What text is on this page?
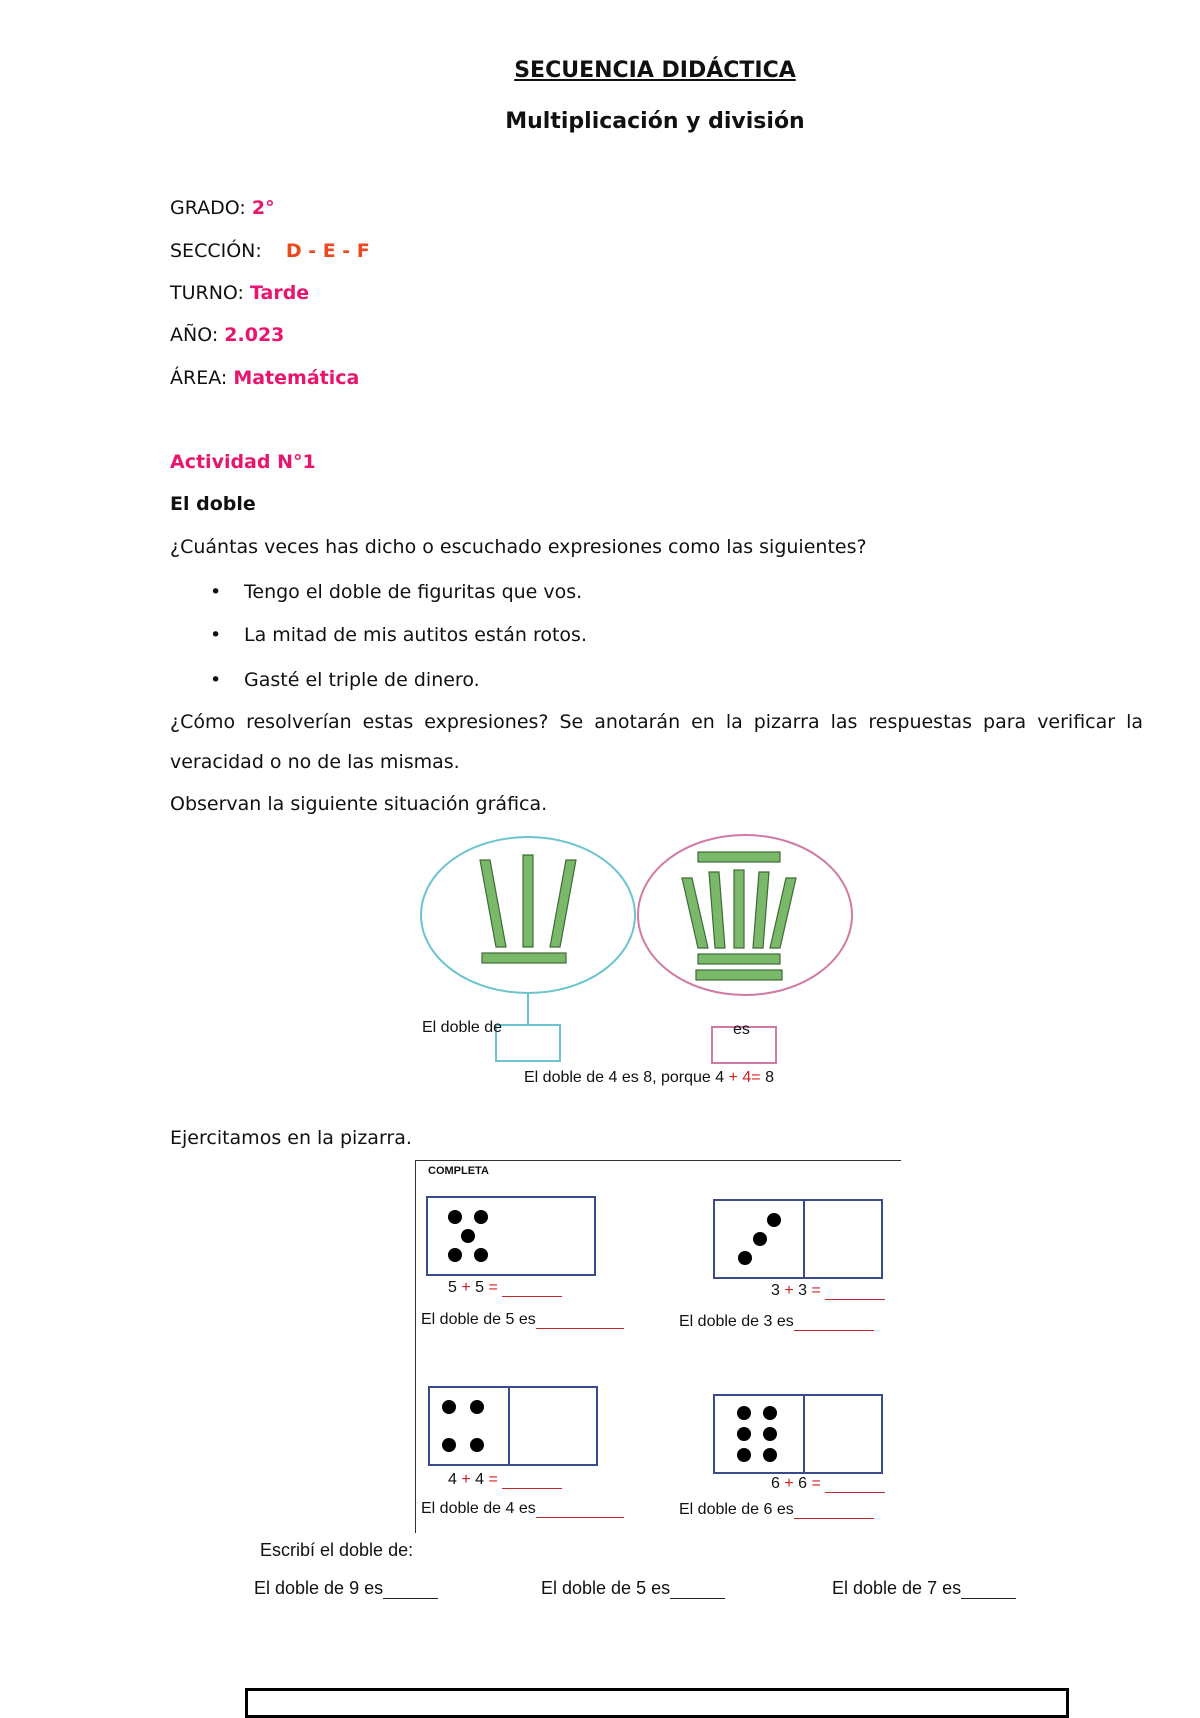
SECUENCIA DIDÁCTICA
Multiplicación y división
GRADO: 2°
SECCIÓN: D - E - F
TURNO: Tarde
AÑO: 2.023
ÁREA: Matemática
Actividad N°1
El doble
¿Cuántas veces has dicho o escuchado expresiones como las siguientes?
• Tengo el doble de figuritas que vos.
• La mitad de mis autitos están rotos.
• Gasté el triple de dinero.
¿Cómo resolverían estas expresiones? Se anotarán en la pizarra las respuestas para verificar la
veracidad o no de las mismas.
Observan la siguiente situación gráfica.
El doble de	es
El doble de 4 es 8, porque 4 + 4= 8
Ejercitamos en la pizarra.
COMPLETA
5 + 5 =
El doble de 5 es
3 + 3 =
El doble de 3 es
4 + 4 =
El doble de 4 es
6 + 6 =
El doble de 6 es
Escribí el doble de:
El doble de 9 es	El doble de 5 es	El doble de 7 es
